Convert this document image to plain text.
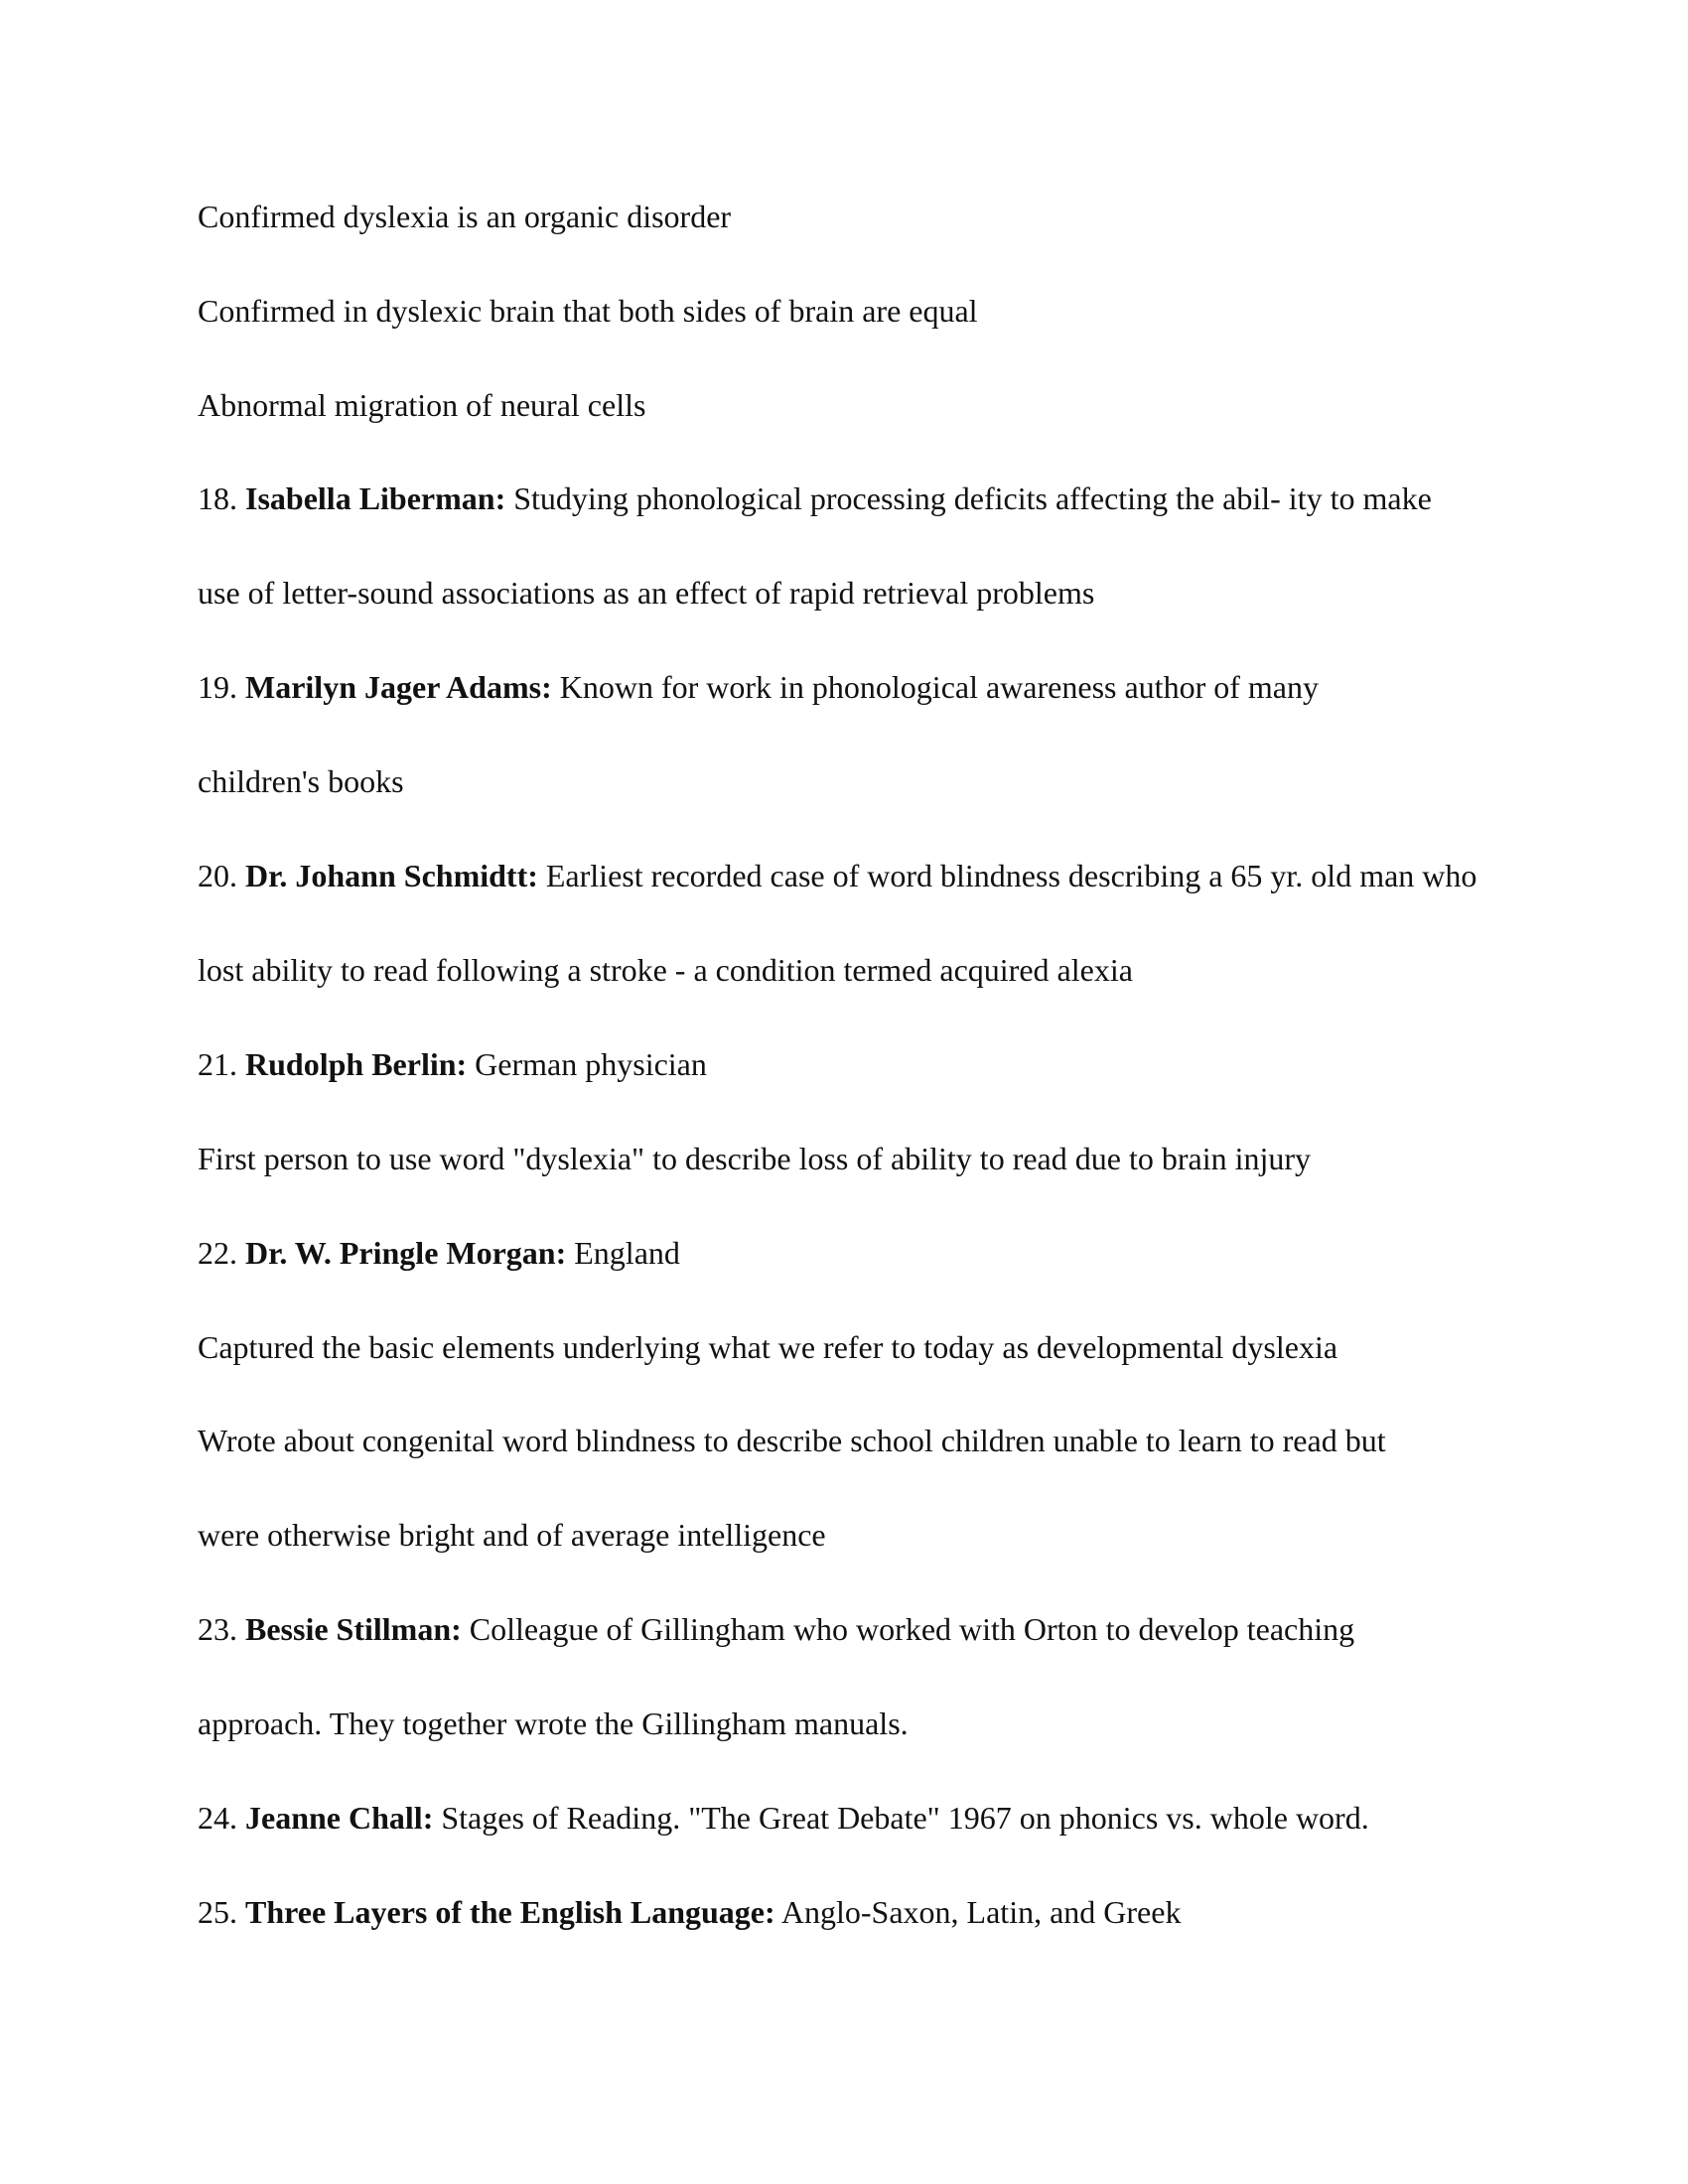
Confirmed dyslexia is an organic disorder
Confirmed in dyslexic brain that both sides of brain are equal
Abnormal migration of neural cells
18. Isabella Liberman: Studying phonological processing deficits affecting the abil- ity to make
use of letter-sound associations as an effect of rapid retrieval problems
19. Marilyn Jager Adams: Known for work in phonological awareness author of many
children's books
20. Dr. Johann Schmidtt: Earliest recorded case of word blindness describing a 65 yr. old man who
lost ability to read following a stroke - a condition termed acquired alexia
21. Rudolph Berlin: German physician
First person to use word "dyslexia" to describe loss of ability to read due to brain injury
22. Dr. W. Pringle Morgan: England
Captured the basic elements underlying what we refer to today as developmental dyslexia
Wrote about congenital word blindness to describe school children unable to learn to read but
were otherwise bright and of average intelligence
23. Bessie Stillman: Colleague of Gillingham who worked with Orton to develop teaching
approach. They together wrote the Gillingham manuals.
24. Jeanne Chall: Stages of Reading. "The Great Debate" 1967 on phonics vs. whole word.
25. Three Layers of the English Language: Anglo-Saxon, Latin, and Greek
